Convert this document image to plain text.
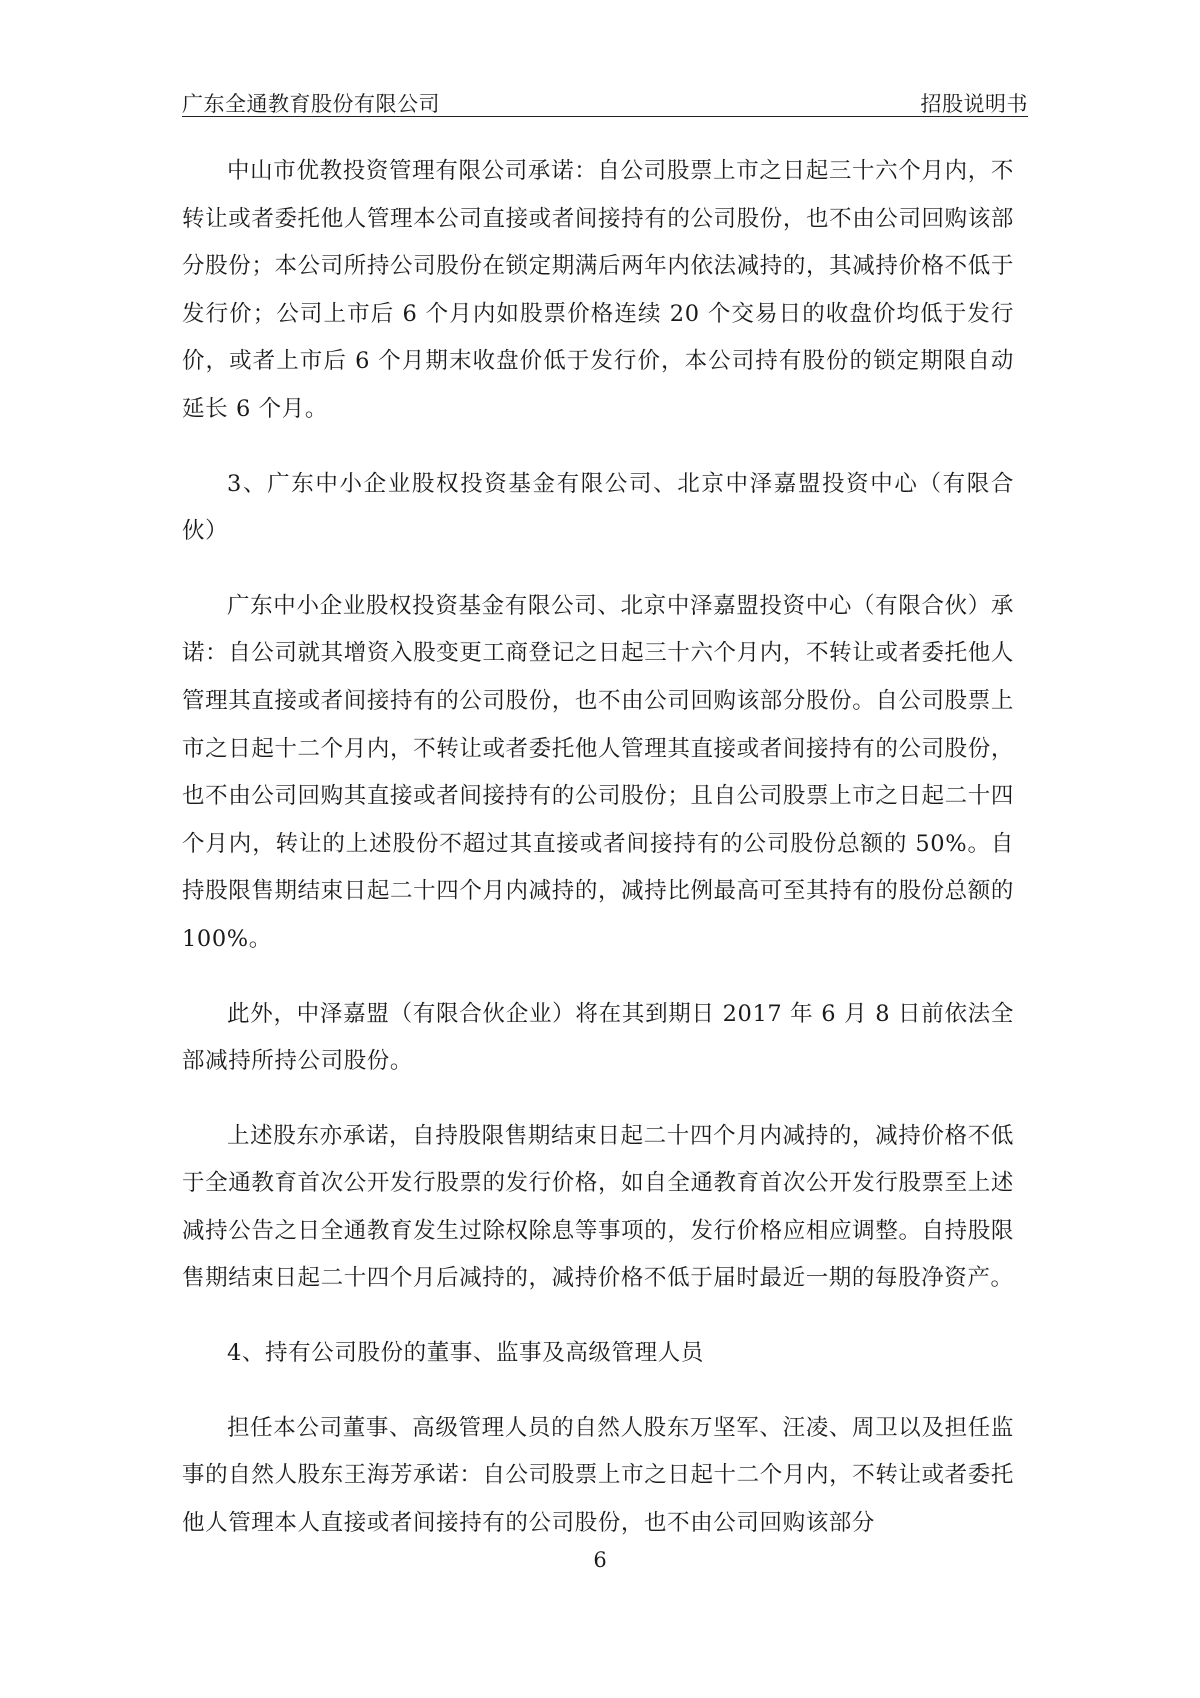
广东全通教育股份有限公司	招股说明书

中山市优教投资管理有限公司承诺：自公司股票上市之日起三十六个月内，不转让或者委托他人管理本公司直接或者间接持有的公司股份，也不由公司回购该部分股份；本公司所持公司股份在锁定期满后两年内依法减持的，其减持价格不低于发行价；公司上市后 6 个月内如股票价格连续 20 个交易日的收盘价均低于发行价，或者上市后 6 个月期末收盘价低于发行价，本公司持有股份的锁定期限自动延长 6 个月。

3、广东中小企业股权投资基金有限公司、北京中泽嘉盟投资中心（有限合伙）

广东中小企业股权投资基金有限公司、北京中泽嘉盟投资中心（有限合伙）承诺：自公司就其增资入股变更工商登记之日起三十六个月内，不转让或者委托他人管理其直接或者间接持有的公司股份，也不由公司回购该部分股份。自公司股票上市之日起十二个月内，不转让或者委托他人管理其直接或者间接持有的公司股份，也不由公司回购其直接或者间接持有的公司股份；且自公司股票上市之日起二十四个月内，转让的上述股份不超过其直接或者间接持有的公司股份总额的 50%。自持股限售期结束日起二十四个月内减持的，减持比例最高可至其持有的股份总额的 100%。

此外，中泽嘉盟（有限合伙企业）将在其到期日 2017 年 6 月 8 日前依法全部减持所持公司股份。

上述股东亦承诺，自持股限售期结束日起二十四个月内减持的，减持价格不低于全通教育首次公开发行股票的发行价格，如自全通教育首次公开发行股票至上述减持公告之日全通教育发生过除权除息等事项的，发行价格应相应调整。自持股限售期结束日起二十四个月后减持的，减持价格不低于届时最近一期的每股净资产。

4、持有公司股份的董事、监事及高级管理人员

担任本公司董事、高级管理人员的自然人股东万坚军、汪凌、周卫以及担任监事的自然人股东王海芳承诺：自公司股票上市之日起十二个月内，不转让或者委托他人管理本人直接或者间接持有的公司股份，也不由公司回购该部分

6
